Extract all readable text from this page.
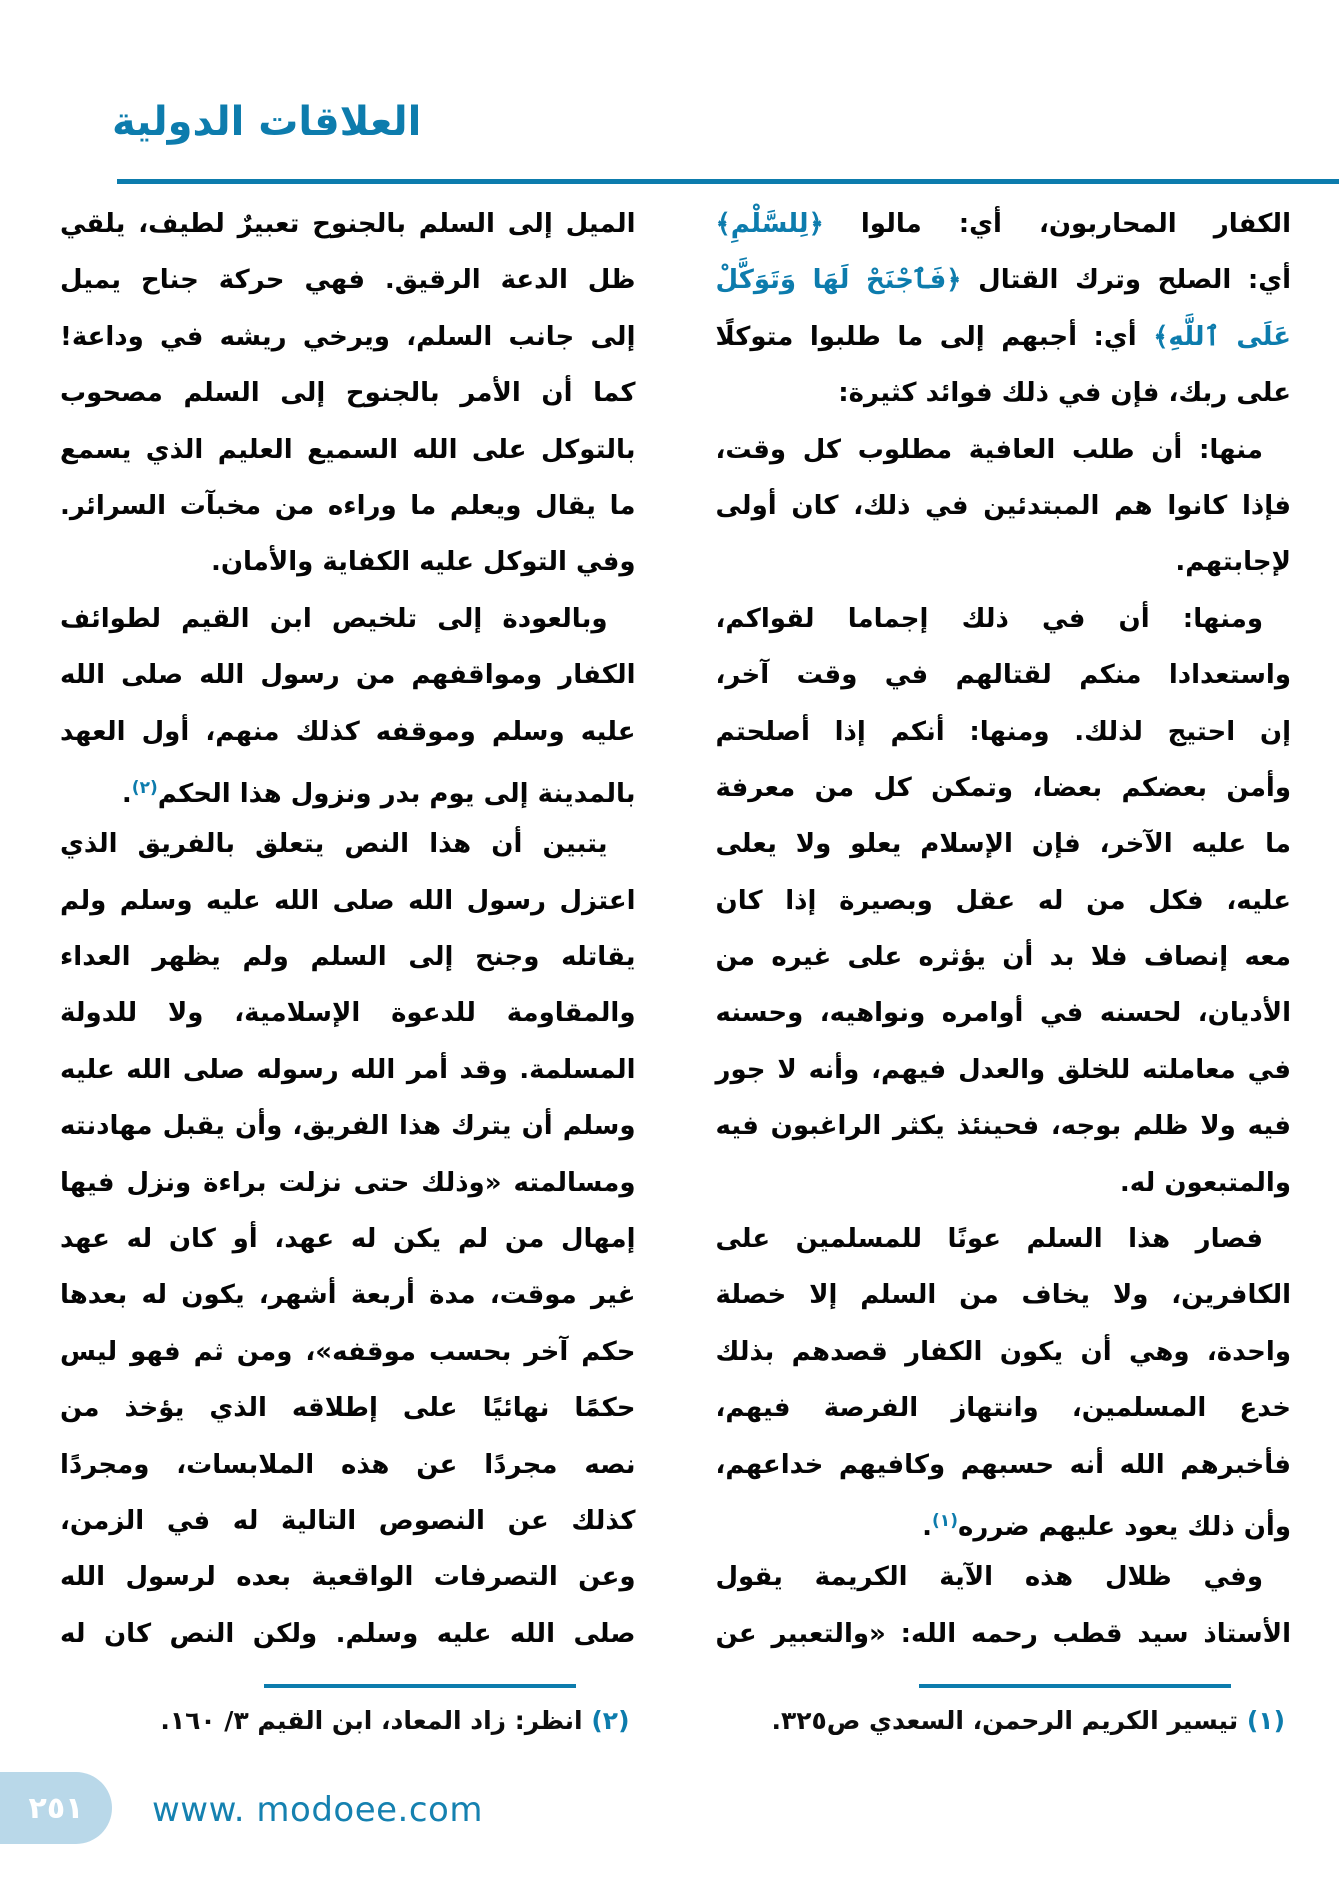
العلاقات الدولية
الكفار المحاربون، أي: مالوا ﴿لِلسَّلْمِ﴾
أي: الصلح وترك القتال ﴿فَٱجْنَحْ لَهَا وَتَوَكَّلْ
عَلَى ٱللَّهِ﴾ أي: أجبهم إلى ما طلبوا متوكلًا
على ربك، فإن في ذلك فوائد كثيرة:
منها: أن طلب العافية مطلوب كل وقت،
فإذا كانوا هم المبتدئين في ذلك، كان أولى
لإجابتهم.
ومنها: أن في ذلك إجماما لقواكم،
واستعدادا منكم لقتالهم في وقت آخر،
إن احتيج لذلك. ومنها: أنكم إذا أصلحتم
وأمن بعضكم بعضا، وتمكن كل من معرفة
ما عليه الآخر، فإن الإسلام يعلو ولا يعلى
عليه، فكل من له عقل وبصيرة إذا كان
معه إنصاف فلا بد أن يؤثره على غيره من
الأديان، لحسنه في أوامره ونواهيه، وحسنه
في معاملته للخلق والعدل فيهم، وأنه لا جور
فيه ولا ظلم بوجه، فحينئذ يكثر الراغبون فيه
والمتبعون له.
فصار هذا السلم عونًا للمسلمين على
الكافرين، ولا يخاف من السلم إلا خصلة
واحدة، وهي أن يكون الكفار قصدهم بذلك
خدع المسلمين، وانتهاز الفرصة فيهم،
فأخبرهم الله أنه حسبهم وكافيهم خداعهم،
وأن ذلك يعود عليهم ضرره$^{(١)}$.
وفي ظلال هذه الآية الكريمة يقول
الأستاذ سيد قطب رحمه الله: «والتعبير عن
(١) تيسير الكريم الرحمن، السعدي ص٣٢٥.
الميل إلى السلم بالجنوح تعبيرٌ لطيف، يلقي
ظل الدعة الرقيق. فهي حركة جناح يميل
إلى جانب السلم، ويرخي ريشه في وداعة!
كما أن الأمر بالجنوح إلى السلم مصحوب
بالتوكل على الله السميع العليم الذي يسمع
ما يقال ويعلم ما وراءه من مخبآت السرائر.
وفي التوكل عليه الكفاية والأمان.
وبالعودة إلى تلخيص ابن القيم لطوائف
الكفار ومواقفهم من رسول الله صلى الله
عليه وسلم وموقفه كذلك منهم، أول العهد
بالمدينة إلى يوم بدر ونزول هذا الحكم$^{(٢)}$.
يتبين أن هذا النص يتعلق بالفريق الذي
اعتزل رسول الله صلى الله عليه وسلم ولم
يقاتله وجنح إلى السلم ولم يظهر العداء
والمقاومة للدعوة الإسلامية، ولا للدولة
المسلمة. وقد أمر الله رسوله صلى الله عليه
وسلم أن يترك هذا الفريق، وأن يقبل مهادنته
ومسالمته «وذلك حتى نزلت براءة ونزل فيها
إمهال من لم يكن له عهد، أو كان له عهد
غير موقت، مدة أربعة أشهر، يكون له بعدها
حكم آخر بحسب موقفه»، ومن ثم فهو ليس
حكمًا نهائيًا على إطلاقه الذي يؤخذ من
نصه مجردًا عن هذه الملابسات، ومجردًا
كذلك عن النصوص التالية له في الزمن،
وعن التصرفات الواقعية بعده لرسول الله
صلى الله عليه وسلم. ولكن النص كان له
(٢) انظر: زاد المعاد، ابن القيم ٣/ ١٦٠.
٢٥١ www. modoee.com
